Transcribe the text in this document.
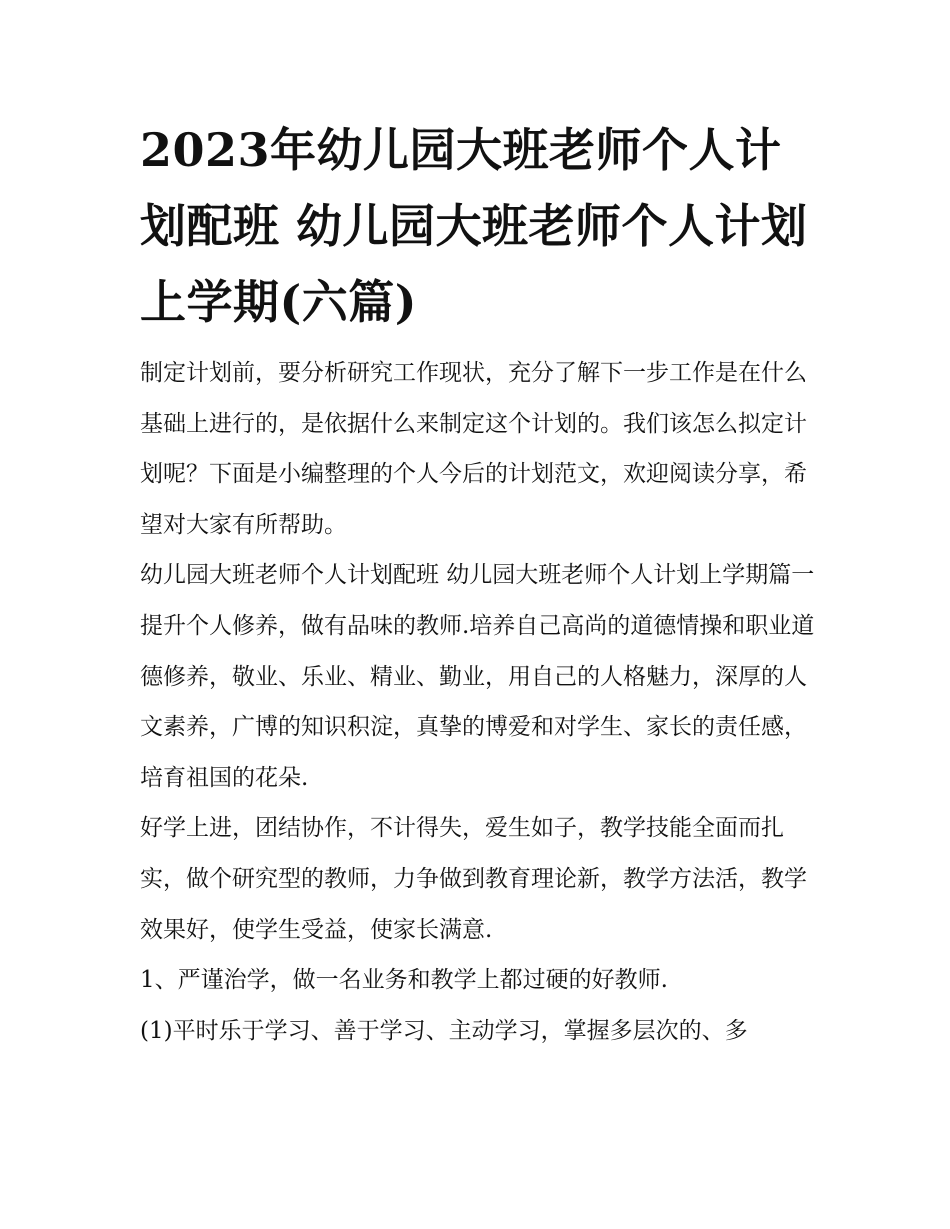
2023年幼儿园大班老师个人计划配班 幼儿园大班老师个人计划上学期(六篇)

制定计划前，要分析研究工作现状，充分了解下一步工作是在什么基础上进行的，是依据什么来制定这个计划的。我们该怎么拟定计划呢？下面是小编整理的个人今后的计划范文，欢迎阅读分享，希望对大家有所帮助。

幼儿园大班老师个人计划配班 幼儿园大班老师个人计划上学期篇一

提升个人修养，做有品味的教师.培养自己高尚的道德情操和职业道德修养，敬业、乐业、精业、勤业，用自己的人格魅力，深厚的人文素养，广博的知识积淀，真挚的博爱和对学生、家长的责任感，培育祖国的花朵.

好学上进，团结协作，不计得失，爱生如子，教学技能全面而扎实，做个研究型的教师，力争做到教育理论新，教学方法活，教学效果好，使学生受益，使家长满意.

1、严谨治学，做一名业务和教学上都过硬的好教师.

(1)平时乐于学习、善于学习、主动学习，掌握多层次的、多
